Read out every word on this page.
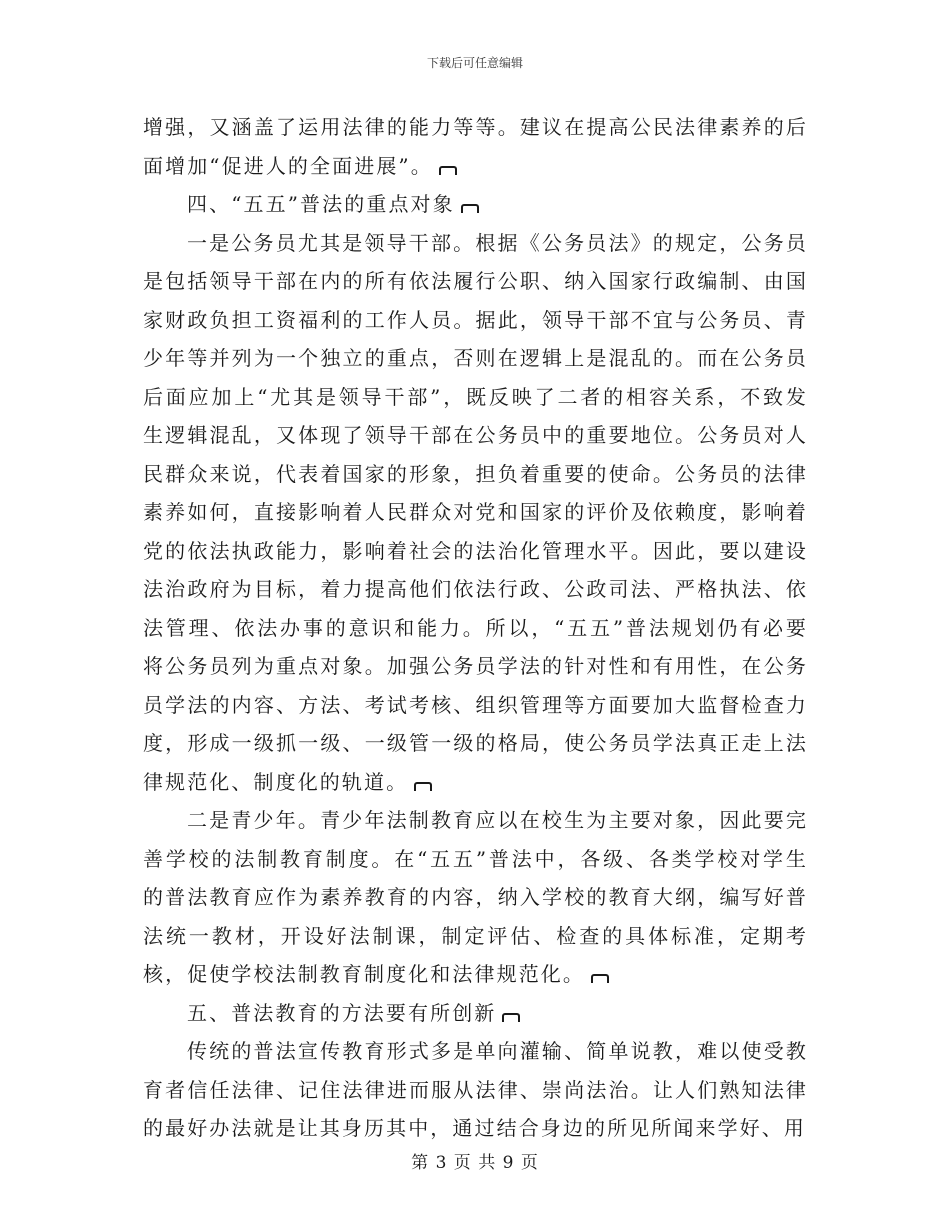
下载后可任意编辑

增强，又涵盖了运用法律的能力等等。建议在提高公民法律素养的后面增加“促进人的全面进展”。

四、“五五”普法的重点对象

一是公务员尤其是领导干部。根据《公务员法》的规定，公务员是包括领导干部在内的所有依法履行公职、纳入国家行政编制、由国家财政负担工资福利的工作人员。据此，领导干部不宜与公务员、青少年等并列为一个独立的重点，否则在逻辑上是混乱的。而在公务员后面应加上“尤其是领导干部”，既反映了二者的相容关系，不致发生逻辑混乱，又体现了领导干部在公务员中的重要地位。公务员对人民群众来说，代表着国家的形象，担负着重要的使命。公务员的法律素养如何，直接影响着人民群众对党和国家的评价及依赖度，影响着党的依法执政能力，影响着社会的法治化管理水平。因此，要以建设法治政府为目标，着力提高他们依法行政、公政司法、严格执法、依法管理、依法办事的意识和能力。所以，“五五”普法规划仍有必要将公务员列为重点对象。加强公务员学法的针对性和有用性，在公务员学法的内容、方法、考试考核、组织管理等方面要加大监督检查力度，形成一级抓一级、一级管一级的格局，使公务员学法真正走上法律规范化、制度化的轨道。

二是青少年。青少年法制教育应以在校生为主要对象，因此要完善学校的法制教育制度。在“五五”普法中，各级、各类学校对学生的普法教育应作为素养教育的内容，纳入学校的教育大纲，编写好普法统一教材，开设好法制课，制定评估、检查的具体标准，定期考核，促使学校法制教育制度化和法律规范化。

五、普法教育的方法要有所创新

传统的普法宣传教育形式多是单向灌输、简单说教，难以使受教育者信任法律、记住法律进而服从法律、崇尚法治。让人们熟知法律的最好办法就是让其身历其中，通过结合身边的所见所闻来学好、用

第 3 页 共 9 页
